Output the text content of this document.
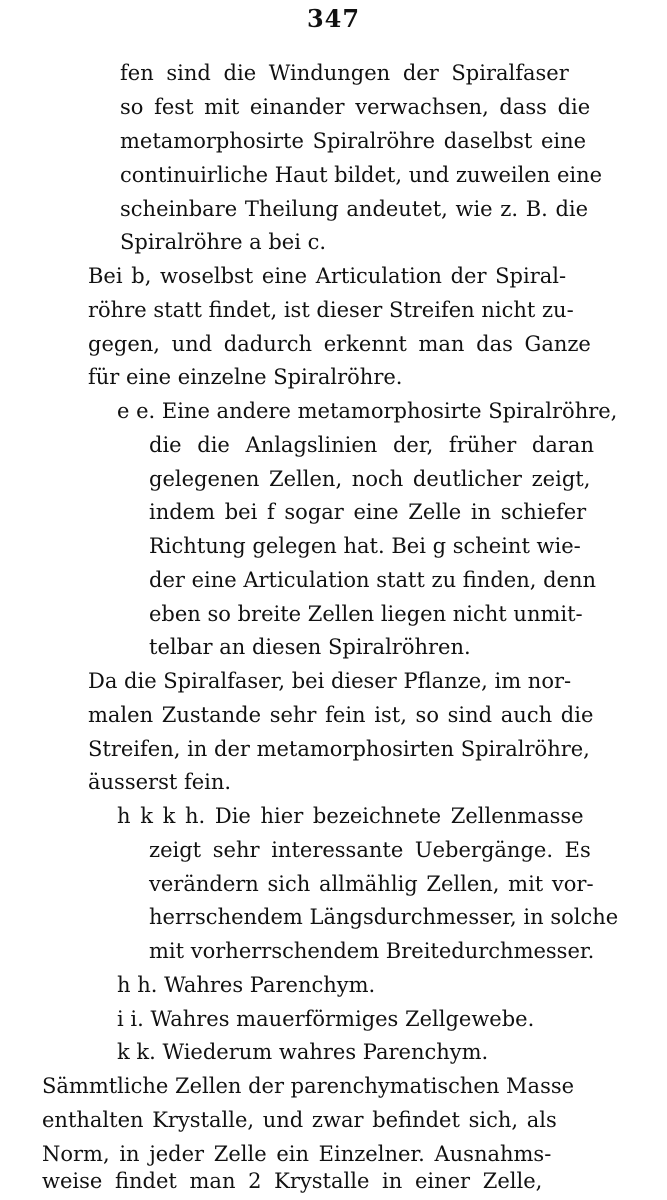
347
fen sind die Windungen der Spiralfaser
so fest mit einander verwachsen, dass die
metamorphosirte Spiralröhre daselbst eine
continuirliche Haut bildet, und zuweilen eine
scheinbare Theilung andeutet, wie z. B. die
Spiralröhre a bei c.
Bei b, woselbst eine Articulation der Spiral-
röhre statt findet, ist dieser Streifen nicht zu-
gegen, und dadurch erkennt man das Ganze
für eine einzelne Spiralröhre.
e e. Eine andere metamorphosirte Spiralröhre,
die die Anlagslinien der, früher daran
gelegenen Zellen, noch deutlicher zeigt,
indem bei f sogar eine Zelle in schiefer
Richtung gelegen hat. Bei g scheint wie-
der eine Articulation statt zu finden, denn
eben so breite Zellen liegen nicht unmit-
telbar an diesen Spiralröhren.
Da die Spiralfaser, bei dieser Pflanze, im nor-
malen Zustande sehr fein ist, so sind auch die
Streifen, in der metamorphosirten Spiralröhre,
äusserst fein.
h k k h. Die hier bezeichnete Zellenmasse
zeigt sehr interessante Uebergänge. Es
verändern sich allmählig Zellen, mit vor-
herrschendem Längsdurchmesser, in solche
mit vorherrschendem Breitedurchmesser.
h h. Wahres Parenchym.
i i. Wahres mauerförmiges Zellgewebe.
k k. Wiederum wahres Parenchym.
Sämmtliche Zellen der parenchymatischen Masse
enthalten Krystalle, und zwar befindet sich, als
Norm, in jeder Zelle ein Einzelner. Ausnahms-
weise findet man 2 Krystalle in einer Zelle,
